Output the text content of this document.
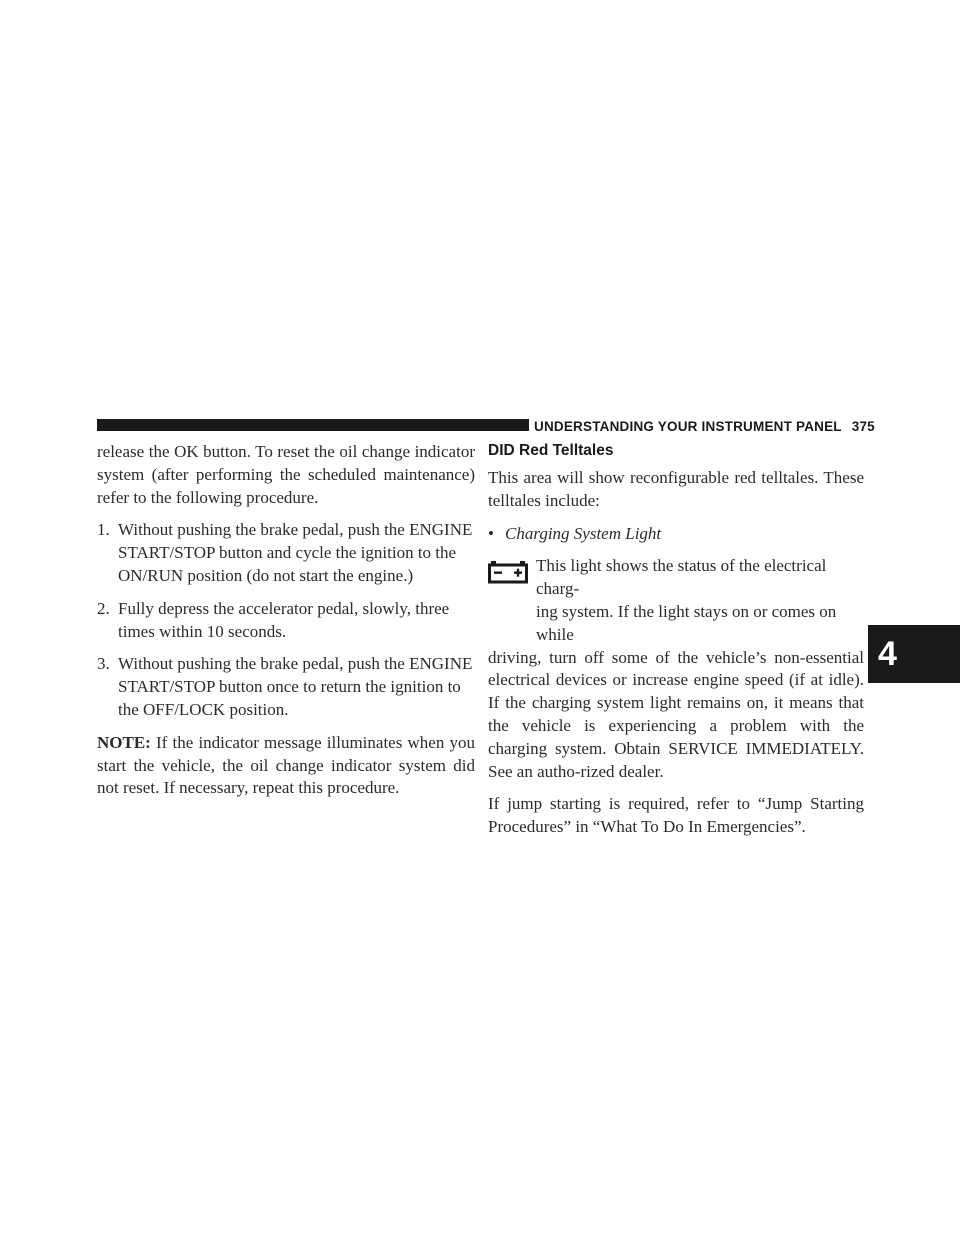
UNDERSTANDING YOUR INSTRUMENT PANEL 375
4

release the OK button. To reset the oil change indicator system (after performing the scheduled maintenance) refer to the following procedure.

1. Without pushing the brake pedal, push the ENGINE START/STOP button and cycle the ignition to the ON/RUN position (do not start the engine.)
2. Fully depress the accelerator pedal, slowly, three times within 10 seconds.
3. Without pushing the brake pedal, push the ENGINE START/STOP button once to return the ignition to the OFF/LOCK position.

NOTE: If the indicator message illuminates when you start the vehicle, the oil change indicator system did not reset. If necessary, repeat this procedure.

DID Red Telltales

This area will show reconfigurable red telltales. These telltales include:

• Charging System Light
This light shows the status of the electrical charg-
ing system. If the light stays on or comes on while

driving, turn off some of the vehicle’s non-essential electrical devices or increase engine speed (if at idle). If the charging system light remains on, it means that the vehicle is experiencing a problem with the charging system. Obtain SERVICE IMMEDIATELY. See an autho-rized dealer.

If jump starting is required, refer to “Jump Starting Procedures” in “What To Do In Emergencies”.
